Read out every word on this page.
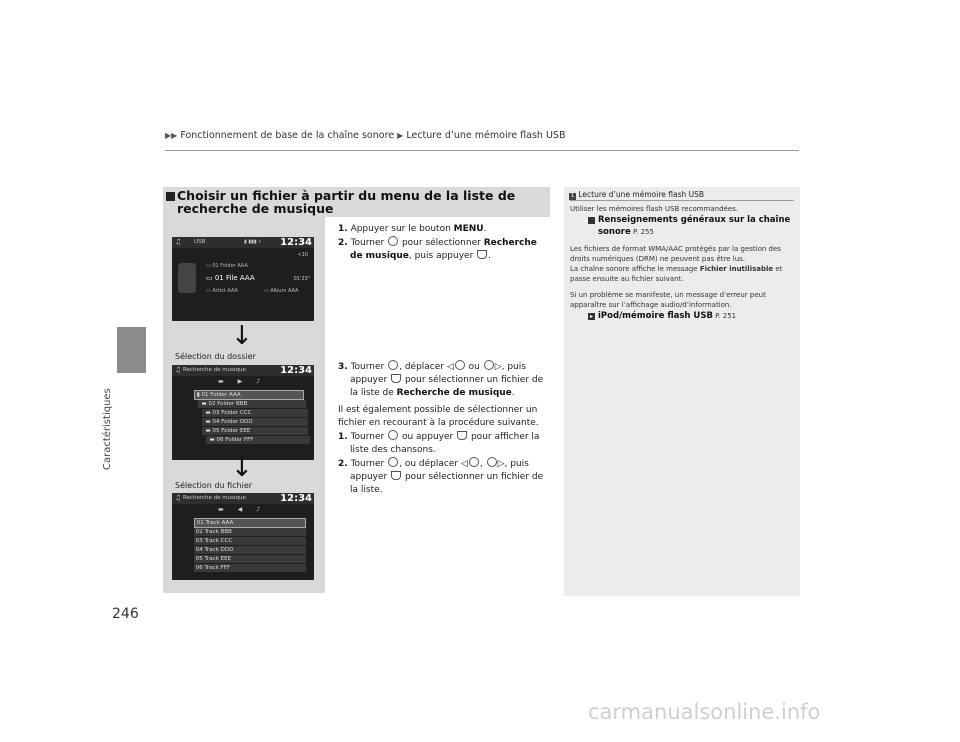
▶▶ Fonctionnement de base de la chaîne sonore ▶ Lecture d’une mémoire flash USB
Caractéristiques
246
Choisir un fichier à partir du menu de la liste de recherche de musique
♫ USB	▮ ▮▮▮ ⚡ 12:34
<10
▭ 01 Folder AAA
▭ 01 File AAA	01'23"
▭ Artist AAA	▭ Album AAA
↓
Sélection du dossier
♫ Recherche de musique	12:34
▬▶♪
▮ 01 Folder AAA
▬ 02 Folder BBB
▬ 03 Folder CCC
▬ 04 Folder DDD
▬ 05 Folder EEE
▬ 06 Folder FFF
↓
Sélection du fichier
♫ Recherche de musique	12:34
▬◀♪
01 Track AAA
02 Track BBB
03 Track CCC
04 Track DDD
05 Track EEE
06 Track FFF
1. Appuyer sur le bouton MENU.
2. Tourner  pour sélectionner Recherche de musique, puis appuyer .
3. Tourner , déplacer ◁ ou ▷, puis appuyer  pour sélectionner un fichier de la liste de Recherche de musique.
Il est également possible de sélectionner un fichier en recourant à la procédure suivante.
1. Tourner  ou appuyer  pour afficher la liste des chansons.
2. Tourner , ou déplacer ◁ , ▷, puis appuyer  pour sélectionner un fichier de la liste.
1 Lecture d’une mémoire flash USB
Utiliser les mémoires flash USB recommandées.
▸ Renseignements généraux sur la chaîne sonore P. 255
Les fichiers de format WMA/AAC protégés par la gestion des droits numériques (DRM) ne peuvent pas être lus.
La chaîne sonore affiche le message Fichier inutilisable et passe ensuite au fichier suivant.
Si un problème se manifeste, un message d’erreur peut apparaître sur l’affichage audio/d’information.
▸ iPod/mémoire flash USB P. 251
carmanualsonline.info
